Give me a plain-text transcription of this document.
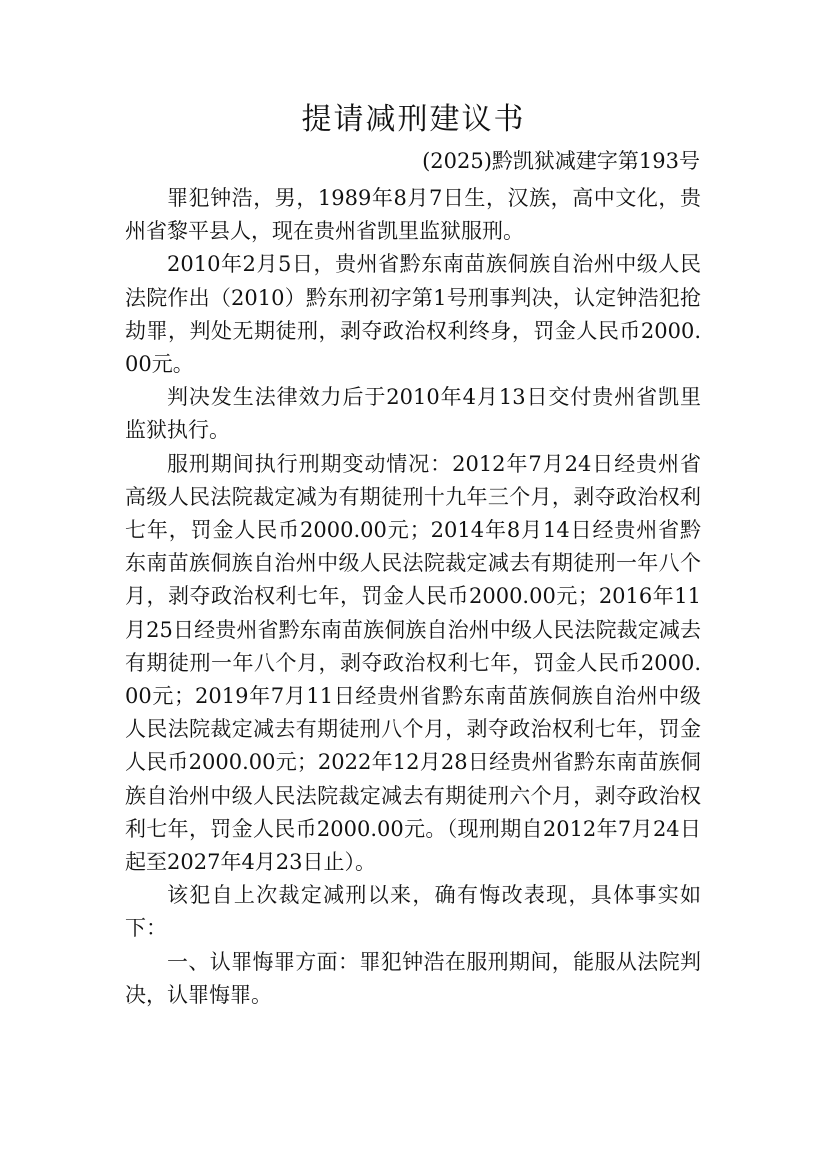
提请减刑建议书

(2025)黔凯狱减建字第193号

罪犯钟浩，男，1989年8月7日生，汉族，高中文化，贵州省黎平县人，现在贵州省凯里监狱服刑。

2010年2月5日，贵州省黔东南苗族侗族自治州中级人民法院作出（2010）黔东刑初字第1号刑事判决，认定钟浩犯抢劫罪，判处无期徒刑，剥夺政治权利终身，罚金人民币2000.00元。

判决发生法律效力后于2010年4月13日交付贵州省凯里监狱执行。

服刑期间执行刑期变动情况：2012年7月24日经贵州省高级人民法院裁定减为有期徒刑十九年三个月，剥夺政治权利七年，罚金人民币2000.00元；2014年8月14日经贵州省黔东南苗族侗族自治州中级人民法院裁定减去有期徒刑一年八个月，剥夺政治权利七年，罚金人民币2000.00元；2016年11月25日经贵州省黔东南苗族侗族自治州中级人民法院裁定减去有期徒刑一年八个月，剥夺政治权利七年，罚金人民币2000.00元；2019年7月11日经贵州省黔东南苗族侗族自治州中级人民法院裁定减去有期徒刑八个月，剥夺政治权利七年，罚金人民币2000.00元；2022年12月28日经贵州省黔东南苗族侗族自治州中级人民法院裁定减去有期徒刑六个月，剥夺政治权利七年，罚金人民币2000.00元。（现刑期自2012年7月24日起至2027年4月23日止）。

该犯自上次裁定减刑以来，确有悔改表现，具体事实如下：

一、认罪悔罪方面：罪犯钟浩在服刑期间，能服从法院判决，认罪悔罪。
